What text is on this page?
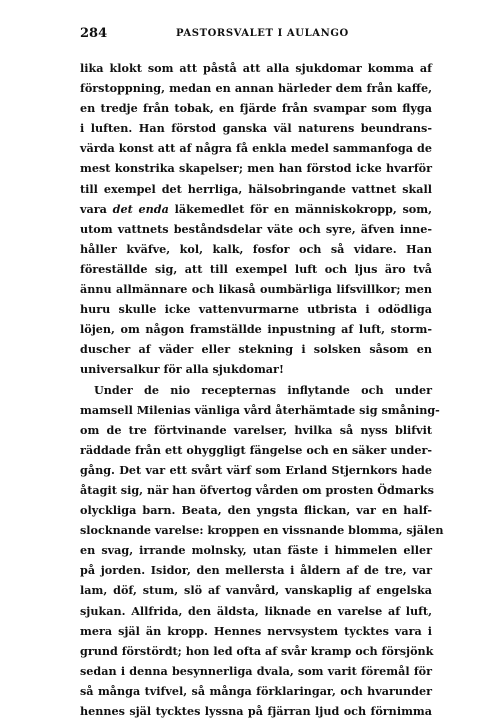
284	PASTORSVALET I AULANGO
lika klokt som att påstå att alla sjukdomar komma af
förstoppning, medan en annan härleder dem från kaffe,
en tredje från tobak, en fjärde från svampar som flyga
i luften. Han förstod ganska väl naturens beundrans-
värda konst att af några få enkla medel sammanfoga de
mest konstrika skapelser; men han förstod icke hvarför
till exempel det herrliga, hälsobringande vattnet skall
vara det enda läkemedlet för en människokropp, som,
utom vattnets beståndsdelar väte och syre, äfven inne-
håller kväfve, kol, kalk, fosfor och så vidare. Han
föreställde sig, att till exempel luft och ljus äro två
ännu allmännare och likaså oumbärliga lifsvillkor; men
huru skulle icke vattenvurmarne utbrista i odödliga
löjen, om någon framställde inpustning af luft, storm-
duscher af väder eller stekning i solsken såsom en
universalkur för alla sjukdomar!
Under de nio recepternas inflytande och under
mamsell Milenias vänliga vård återhämtade sig småning-
om de tre förtvinande varelser, hvilka så nyss blifvit
räddade från ett ohyggligt fängelse och en säker under-
gång. Det var ett svårt värf som Erland Stjernkors hade
åtagit sig, när han öfvertog vården om prosten Ödmarks
olyckliga barn. Beata, den yngsta flickan, var en half-
slocknande varelse: kroppen en vissnande blomma, själen
en svag, irrande molnsky, utan fäste i himmelen eller
på jorden. Isidor, den mellersta i åldern af de tre, var
lam, döf, stum, slö af vanvård, vanskaplig af engelska
sjukan. Allfrida, den äldsta, liknade en varelse af luft,
mera själ än kropp. Hennes nervsystem tycktes vara i
grund förstördt; hon led ofta af svår kramp och försjönk
sedan i denna besynnerliga dvala, som varit föremål för
så många tvifvel, så många förklaringar, och hvarunder
hennes själ tycktes lyssna på fjärran ljud och förnimma
